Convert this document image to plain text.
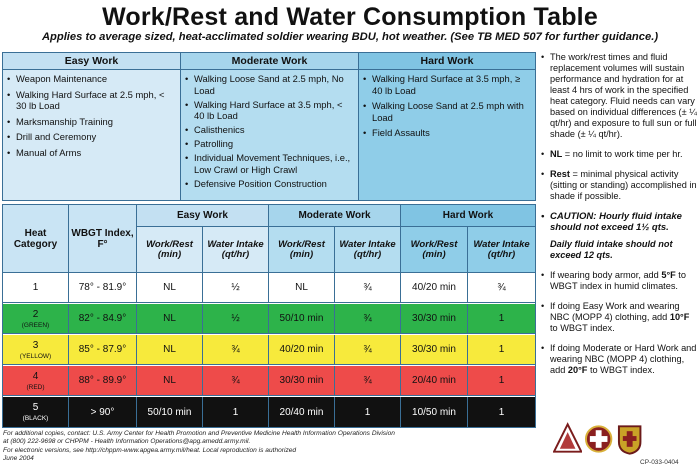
Work/Rest and Water Consumption Table
Applies to average sized, heat-acclimated soldier wearing BDU, hot weather. (See TB MED 507 for further guidance.)
Easy Work
• Weapon Maintenance
• Walking Hard Surface at 2.5 mph, < 30 lb Load
• Marksmanship Training
• Drill and Ceremony
• Manual of Arms
Moderate Work
• Walking Loose Sand at 2.5 mph, No Load
• Walking Hard Surface at 3.5 mph, < 40 lb Load
• Calisthenics
• Patrolling
• Individual Movement Techniques, i.e., Low Crawl or High Crawl
• Defensive Position Construction
Hard Work
• Walking Hard Surface at 3.5 mph, ≥ 40 lb Load
• Walking Loose Sand at 2.5 mph with Load
• Field Assaults
Heat Category
WBGT Index, F°
Easy Work	Moderate Work	Hard Work
Work/Rest (min)
Water Intake (qt/hr)
Work/Rest (min)
Water Intake (qt/hr)
Work/Rest (min)
Water Intake (qt/hr)
1	78° - 81.9°	NL	½	NL	¾	40/20 min	¾
2
(GREEN)
82° - 84.9°	NL	½	50/10 min	¾	30/30 min	1
3
(YELLOW)
85° - 87.9°	NL	¾	40/20 min	¾	30/30 min	1
4
(RED)
88° - 89.9°	NL	¾	30/30 min	¾	20/40 min	1
5
(BLACK)
> 90°	50/10 min	1	20/40 min	1	10/50 min	1
For additional copies, contact: U.S. Army Center for Health Promotion and Preventive Medicine Health Information Operations Division
at (800) 222-9698 or CHPPM - Health Information Operations@apg.amedd.army.mil.
For electronic versions, see http://chppm-www.apgea.army.mil/heat. Local reproduction is authorized
June 2004
• The work/rest times and fluid replacement volumes will sustain performance and hydration for at least 4 hrs of work in the specified heat category. Fluid needs can vary based on individual differences (± ¼ qt/hr) and exposure to full sun or full shade (± ¼ qt/hr).
• NL = no limit to work time per hr.
• Rest = minimal physical activity (sitting or standing) accomplished in shade if possible.
• CAUTION: Hourly fluid intake should not exceed 1½ qts.
Daily fluid intake should not exceed 12 qts.
• If wearing body armor, add 5°F to WBGT index in humid climates.
• If doing Easy Work and wearing NBC (MOPP 4) clothing, add 10°F to WBGT index.
• If doing Moderate or Hard Work and wearing NBC (MOPP 4) clothing, add 20°F to WBGT index.
CP-033-0404
